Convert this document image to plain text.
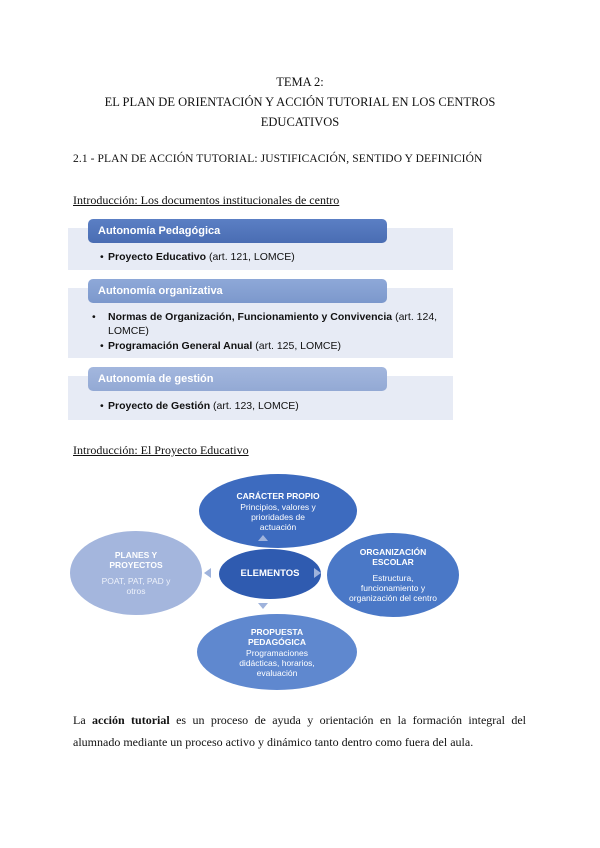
TEMA 2:
EL PLAN DE ORIENTACIÓN Y ACCIÓN TUTORIAL EN LOS CENTROS
EDUCATIVOS
2.1 - PLAN DE ACCIÓN TUTORIAL: JUSTIFICACIÓN, SENTIDO Y DEFINICIÓN
Introducción: Los documentos institucionales de centro
Autonomía Pedagógica
• Proyecto Educativo (art. 121, LOMCE)
Autonomía organizativa
• Normas de Organización, Funcionamiento y Convivencia (art. 124, LOMCE)
• Programación General Anual (art. 125, LOMCE)
Autonomía de gestión
• Proyecto de Gestión (art. 123, LOMCE)
Introducción: El Proyecto Educativo
CARÁCTER PROPIO
Principios, valores y prioridades de actuación
ORGANIZACIÓN ESCOLAR
Estructura, funcionamiento y organización del centro
PLANES Y PROYECTOS
POAT, PAT, PAD y otros
PROPUESTA PEDAGÓGICA
Programaciones didácticas, horarios, evaluación
ELEMENTOS

La acción tutorial es un proceso de ayuda y orientación en la formación integral del alumnado mediante un proceso activo y dinámico tanto dentro como fuera del aula.
